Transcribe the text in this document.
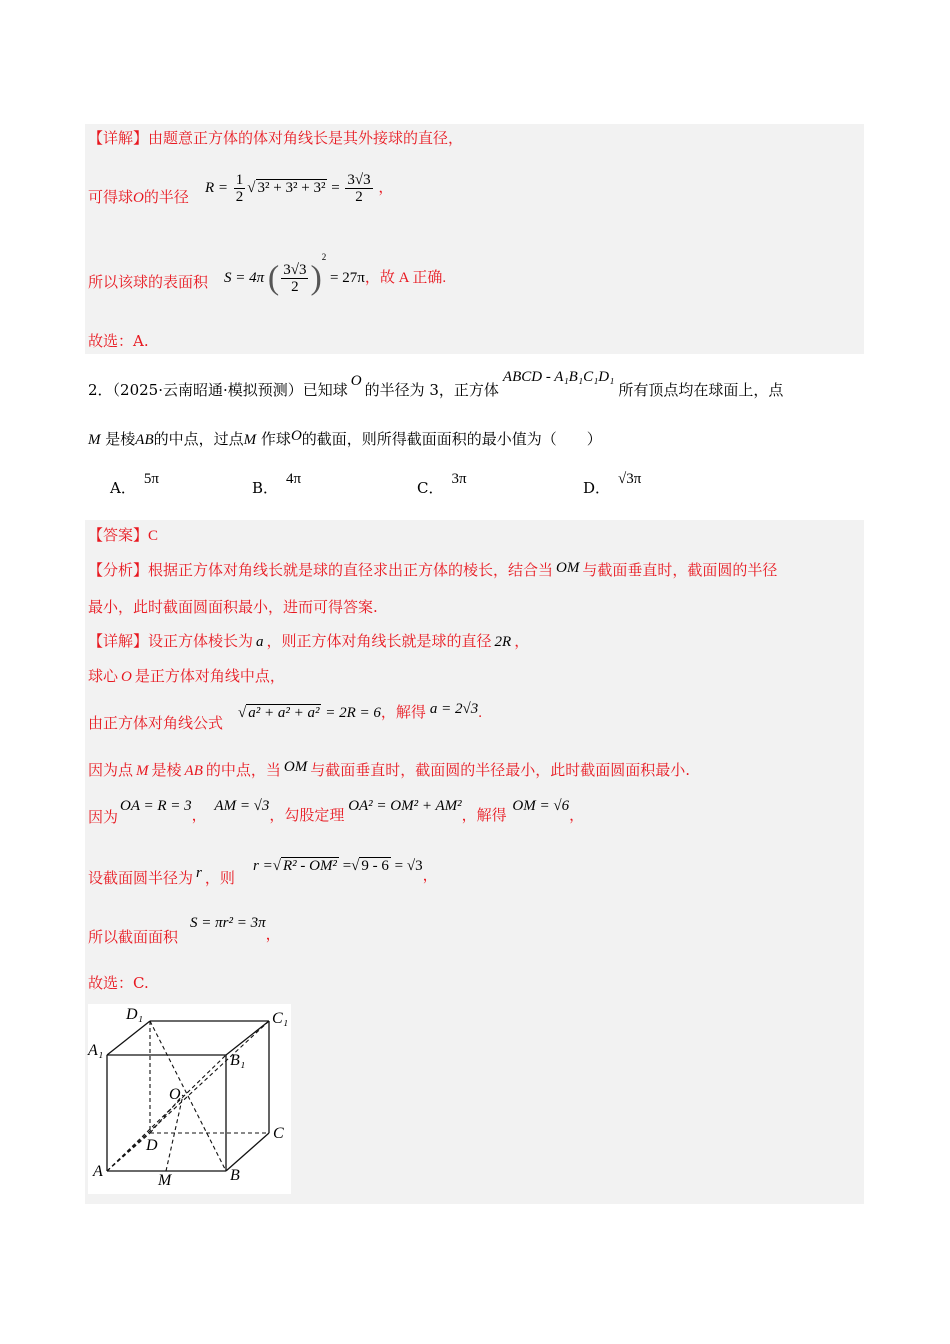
【详解】由题意正方体的体对角线长是其外接球的直径，
可得球O的半径
$R = \frac{1}{2}$ √ $3^2 + 3^2 + 3^2 = \frac{3√3}{2}$ ，
所以该球的表面积 S = 4π ( $\frac{3√3}{2} )^2 = 27\pi$，故 A 正确.
故选：A.
2．（2025·云南昭通·模拟预测）已知球 O 的半径为 3，正方体ABCD - A₁B₁C₁D₁所有顶点均在球面上，点
M 是棱AB的中点，过点M 作球O的截面，则所得截面面积的最小值为（　　）
A． 5π	B． 4π	C． 3π	D． √3π
【答案】C
【分析】根据正方体对角线长就是球的直径求出正方体的棱长，结合当 OM 与截面垂直时，截面圆的半径
最小，此时截面圆面积最小，进而可得答案.
【详解】设正方体棱长为 a ，则正方体对角线长就是球的直径 2R ，
球心 O 是正方体对角线中点，
由正方体对角线公式
√ a² + a² + a² = 2R = 6，解得 a = 2√3.
因为点 M 是棱 AB 的中点，当 OM 与截面垂直时，截面圆的半径最小，此时截面圆面积最小.
因为
OA = R = 3， AM = √3，勾股定理 OA² = OM² + AM²，解得 OM = √6，
设截面圆半径为 r ，则
r =√ R² - OM² =√ 9 - 6 = √3，
所以截面面积
S = πr² = 3π，
故选：C.
D₁	C₁
A₁
B₁
O
C
D
A
M	B
